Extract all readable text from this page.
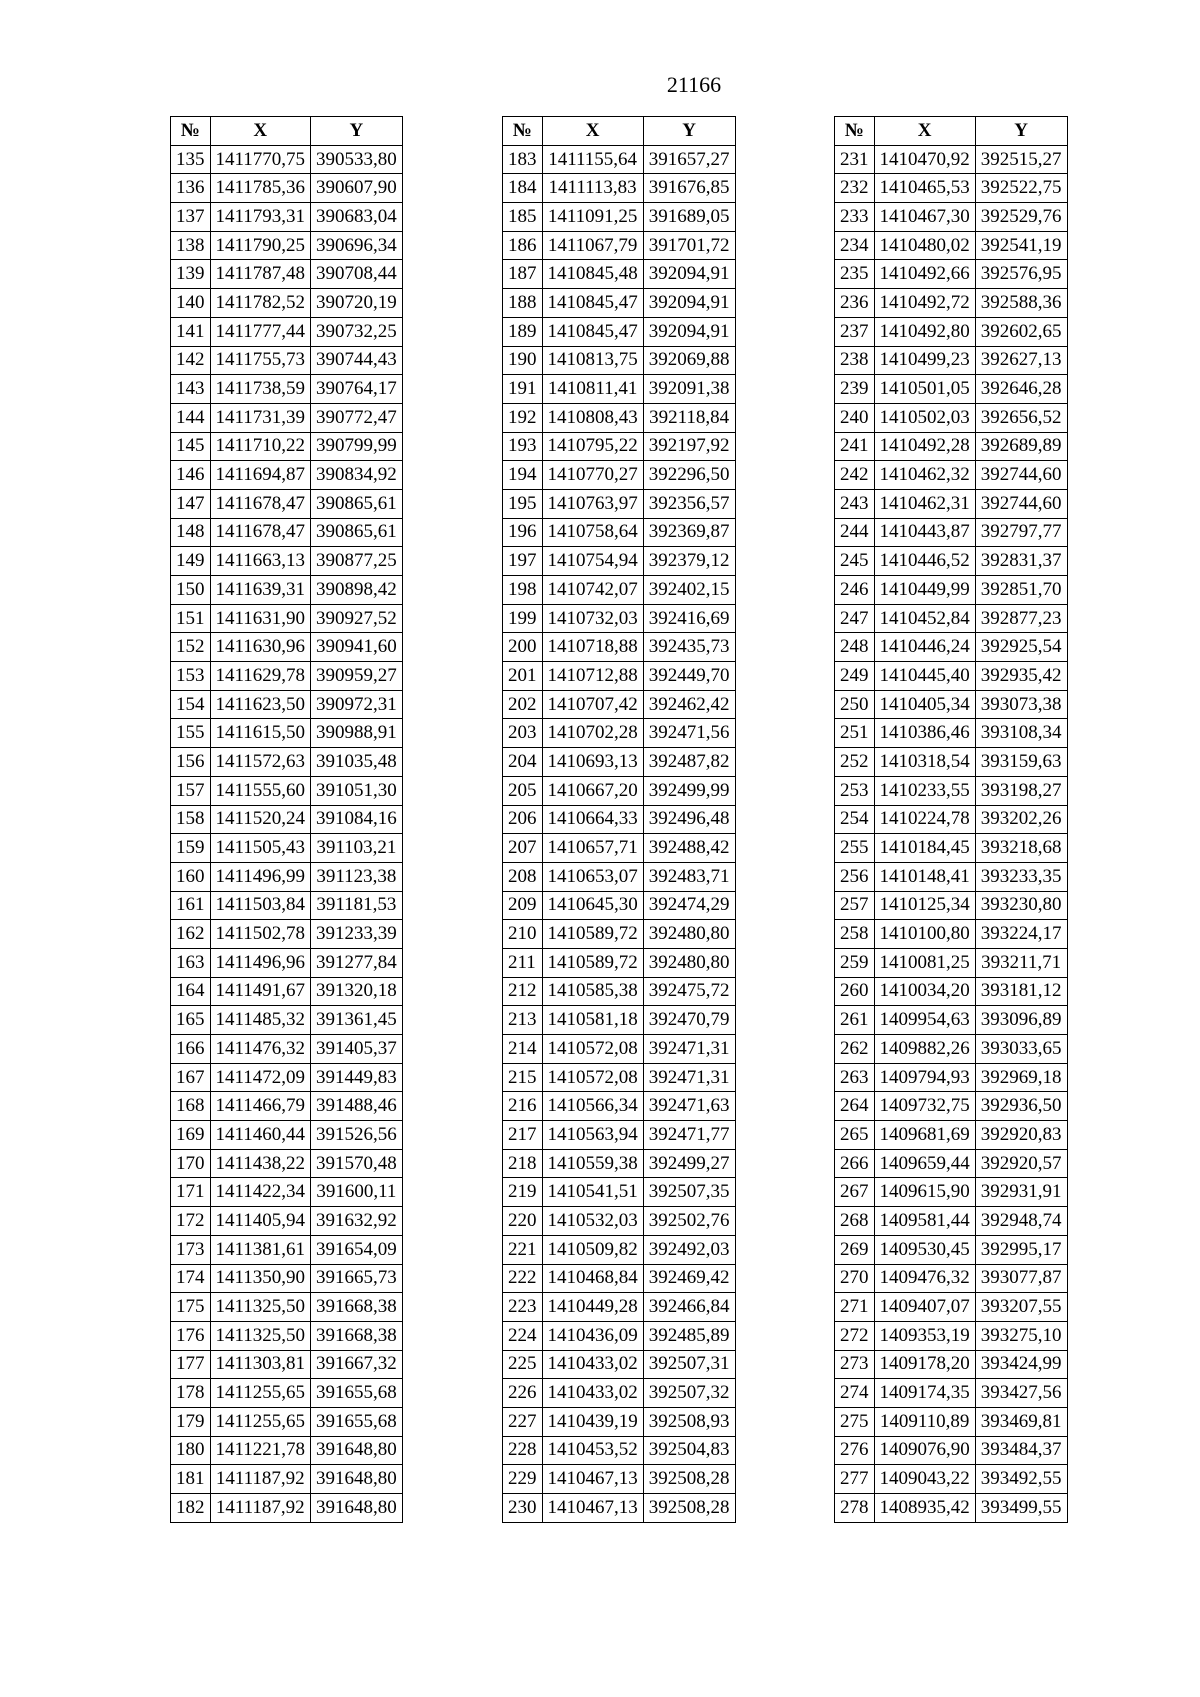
21166
№	X	Y
135	1411770,75	390533,80
136	1411785,36	390607,90
137	1411793,31	390683,04
138	1411790,25	390696,34
139	1411787,48	390708,44
140	1411782,52	390720,19
141	1411777,44	390732,25
142	1411755,73	390744,43
143	1411738,59	390764,17
144	1411731,39	390772,47
145	1411710,22	390799,99
146	1411694,87	390834,92
147	1411678,47	390865,61
148	1411678,47	390865,61
149	1411663,13	390877,25
150	1411639,31	390898,42
151	1411631,90	390927,52
152	1411630,96	390941,60
153	1411629,78	390959,27
154	1411623,50	390972,31
155	1411615,50	390988,91
156	1411572,63	391035,48
157	1411555,60	391051,30
158	1411520,24	391084,16
159	1411505,43	391103,21
160	1411496,99	391123,38
161	1411503,84	391181,53
162	1411502,78	391233,39
163	1411496,96	391277,84
164	1411491,67	391320,18
165	1411485,32	391361,45
166	1411476,32	391405,37
167	1411472,09	391449,83
168	1411466,79	391488,46
169	1411460,44	391526,56
170	1411438,22	391570,48
171	1411422,34	391600,11
172	1411405,94	391632,92
173	1411381,61	391654,09
174	1411350,90	391665,73
175	1411325,50	391668,38
176	1411325,50	391668,38
177	1411303,81	391667,32
178	1411255,65	391655,68
179	1411255,65	391655,68
180	1411221,78	391648,80
181	1411187,92	391648,80
182	1411187,92	391648,80
№	X	Y
183	1411155,64	391657,27
184	1411113,83	391676,85
185	1411091,25	391689,05
186	1411067,79	391701,72
187	1410845,48	392094,91
188	1410845,47	392094,91
189	1410845,47	392094,91
190	1410813,75	392069,88
191	1410811,41	392091,38
192	1410808,43	392118,84
193	1410795,22	392197,92
194	1410770,27	392296,50
195	1410763,97	392356,57
196	1410758,64	392369,87
197	1410754,94	392379,12
198	1410742,07	392402,15
199	1410732,03	392416,69
200	1410718,88	392435,73
201	1410712,88	392449,70
202	1410707,42	392462,42
203	1410702,28	392471,56
204	1410693,13	392487,82
205	1410667,20	392499,99
206	1410664,33	392496,48
207	1410657,71	392488,42
208	1410653,07	392483,71
209	1410645,30	392474,29
210	1410589,72	392480,80
211	1410589,72	392480,80
212	1410585,38	392475,72
213	1410581,18	392470,79
214	1410572,08	392471,31
215	1410572,08	392471,31
216	1410566,34	392471,63
217	1410563,94	392471,77
218	1410559,38	392499,27
219	1410541,51	392507,35
220	1410532,03	392502,76
221	1410509,82	392492,03
222	1410468,84	392469,42
223	1410449,28	392466,84
224	1410436,09	392485,89
225	1410433,02	392507,31
226	1410433,02	392507,32
227	1410439,19	392508,93
228	1410453,52	392504,83
229	1410467,13	392508,28
230	1410467,13	392508,28
№	X	Y
231	1410470,92	392515,27
232	1410465,53	392522,75
233	1410467,30	392529,76
234	1410480,02	392541,19
235	1410492,66	392576,95
236	1410492,72	392588,36
237	1410492,80	392602,65
238	1410499,23	392627,13
239	1410501,05	392646,28
240	1410502,03	392656,52
241	1410492,28	392689,89
242	1410462,32	392744,60
243	1410462,31	392744,60
244	1410443,87	392797,77
245	1410446,52	392831,37
246	1410449,99	392851,70
247	1410452,84	392877,23
248	1410446,24	392925,54
249	1410445,40	392935,42
250	1410405,34	393073,38
251	1410386,46	393108,34
252	1410318,54	393159,63
253	1410233,55	393198,27
254	1410224,78	393202,26
255	1410184,45	393218,68
256	1410148,41	393233,35
257	1410125,34	393230,80
258	1410100,80	393224,17
259	1410081,25	393211,71
260	1410034,20	393181,12
261	1409954,63	393096,89
262	1409882,26	393033,65
263	1409794,93	392969,18
264	1409732,75	392936,50
265	1409681,69	392920,83
266	1409659,44	392920,57
267	1409615,90	392931,91
268	1409581,44	392948,74
269	1409530,45	392995,17
270	1409476,32	393077,87
271	1409407,07	393207,55
272	1409353,19	393275,10
273	1409178,20	393424,99
274	1409174,35	393427,56
275	1409110,89	393469,81
276	1409076,90	393484,37
277	1409043,22	393492,55
278	1408935,42	393499,55
